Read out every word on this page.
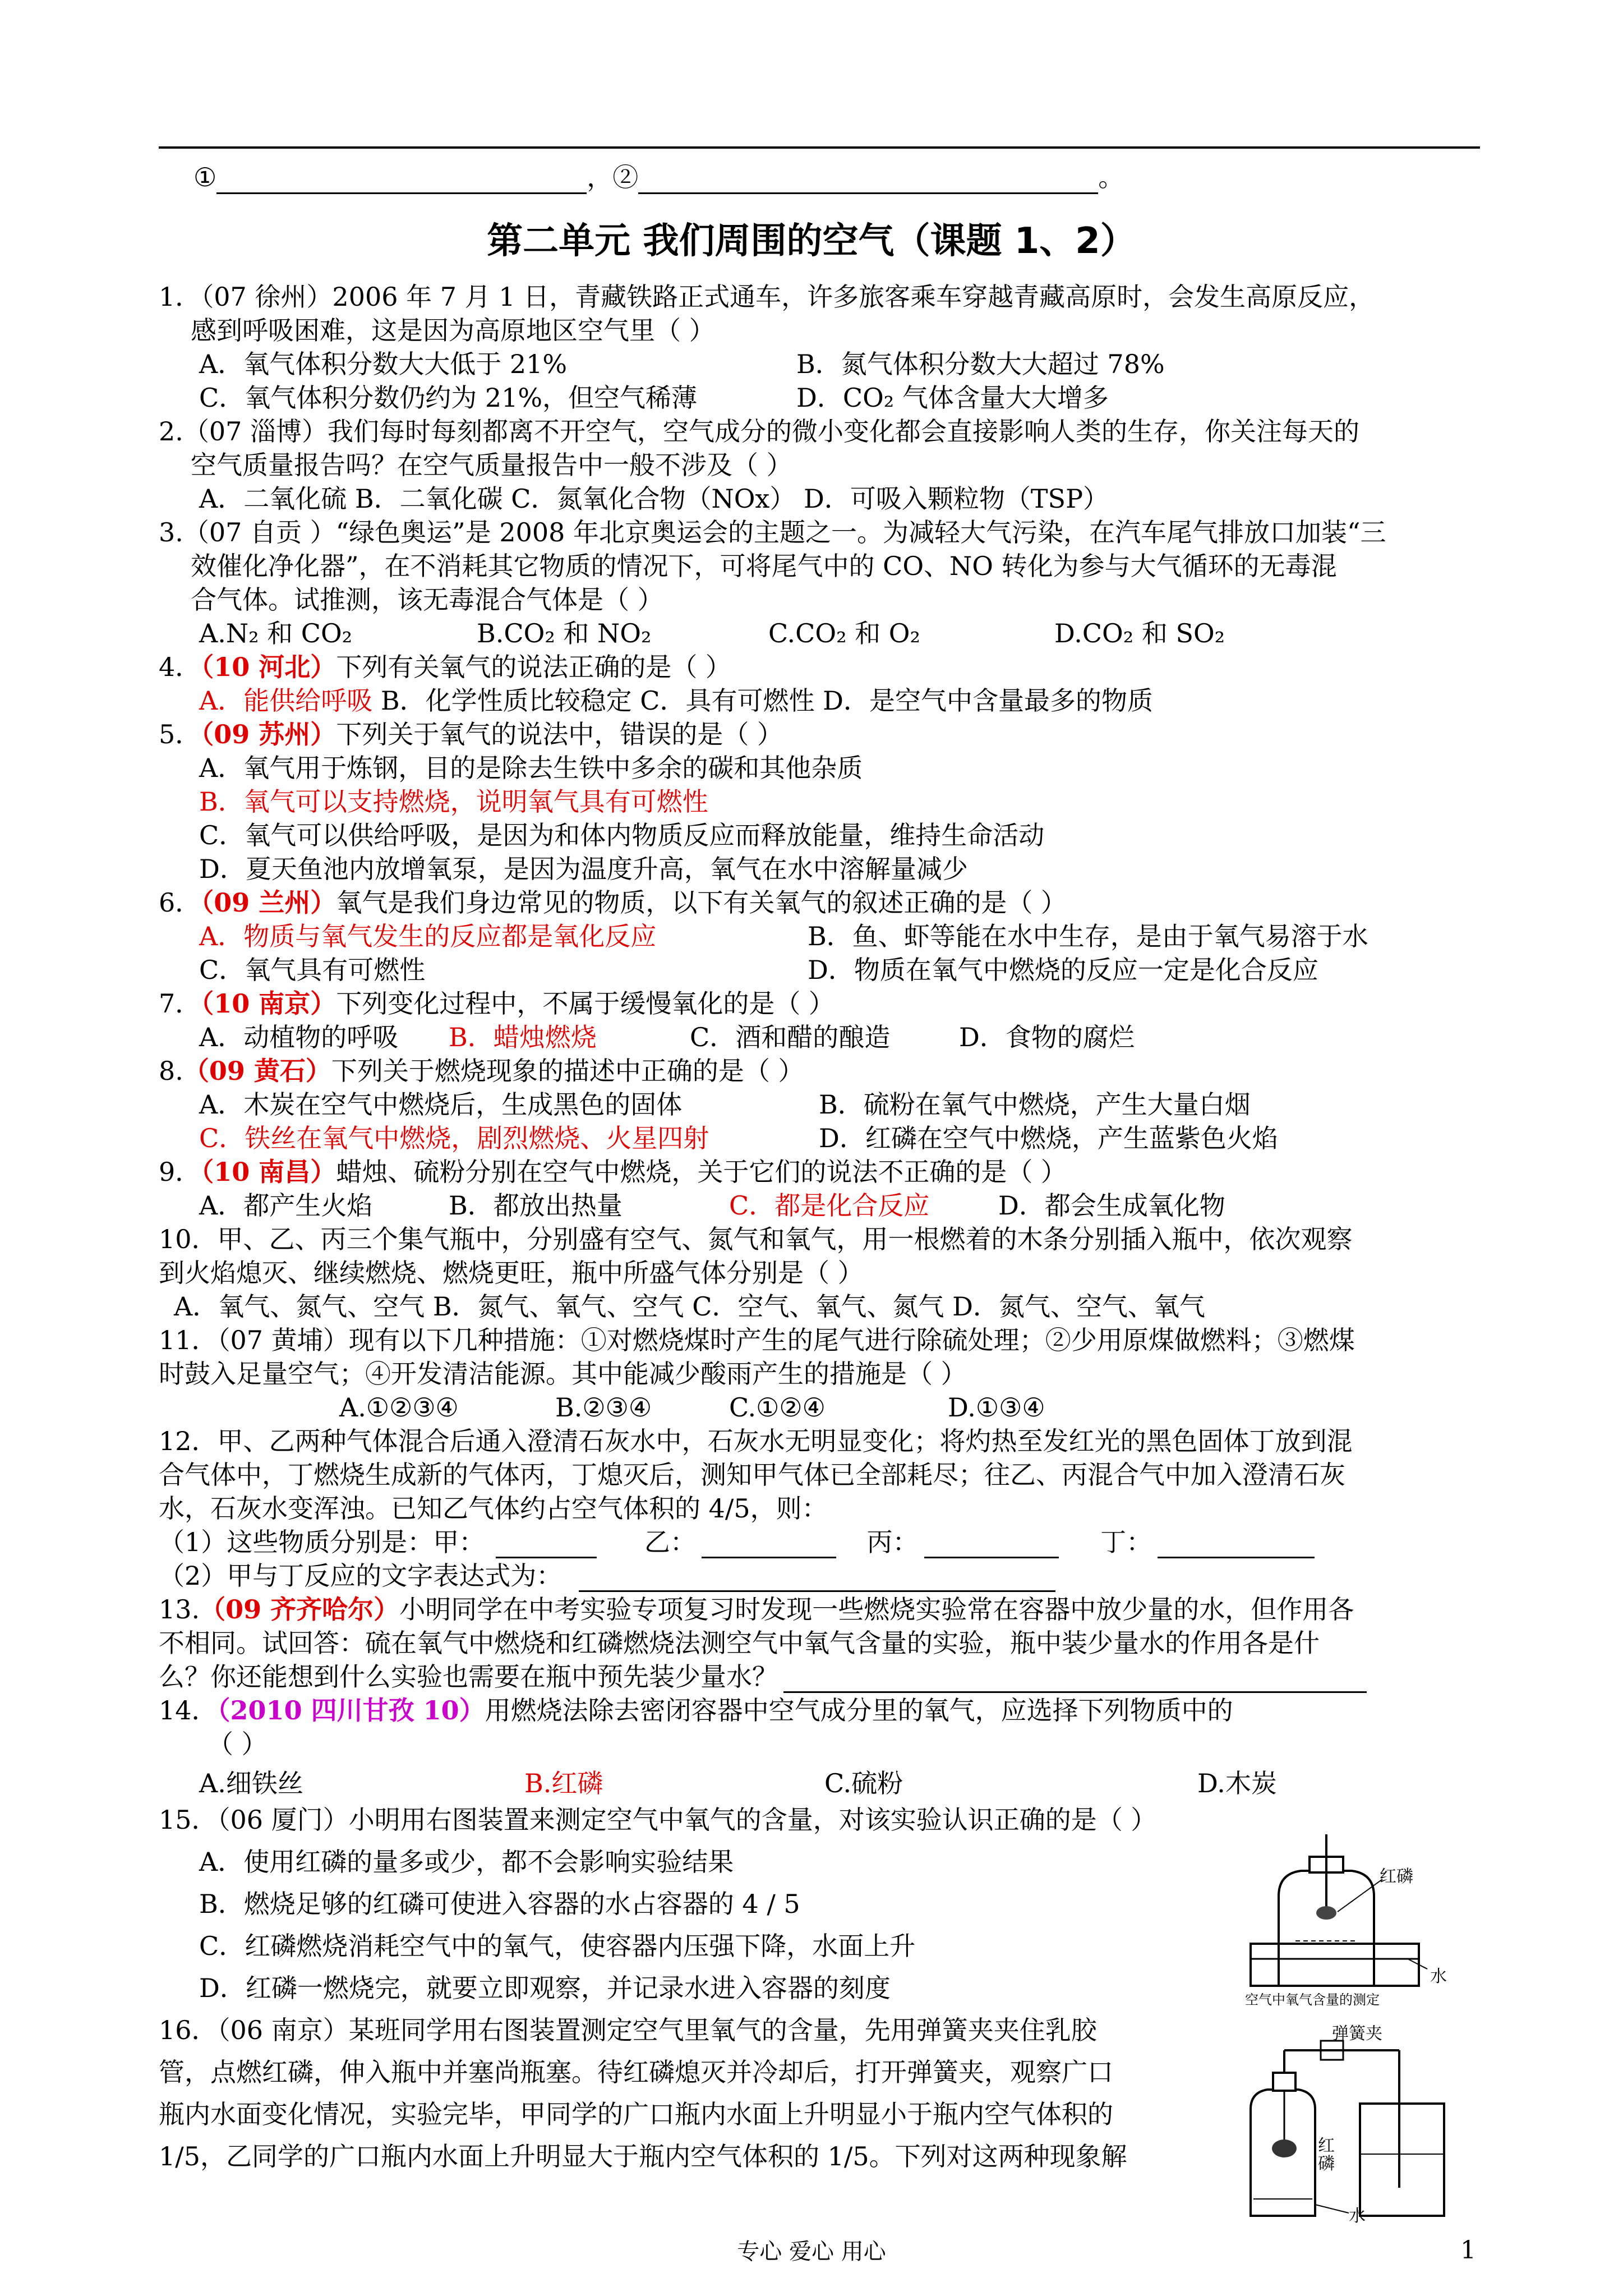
①	，②	。
第二单元 我们周围的空气（课题 1、2）
1．（07 徐州）2006 年 7 月 1 日，青藏铁路正式通车，许多旅客乘车穿越青藏高原时，会发生高原反应，
感到呼吸困难，这是因为高原地区空气里（ ）
A．氧气体积分数大大低于 21%	B．氮气体积分数大大超过 78%
C．氧气体积分数仍约为 21%，但空气稀薄	D．CO₂ 气体含量大大增多
2.（07 淄博）我们每时每刻都离不开空气，空气成分的微小变化都会直接影响人类的生存，你关注每天的
空气质量报告吗？在空气质量报告中一般不涉及（ ）
A．二氧化硫 B．二氧化碳 C．氮氧化合物（NOx） D．可吸入颗粒物（TSP）
3.（07 自贡 ）“绿色奥运”是 2008 年北京奥运会的主题之一。为减轻大气污染，在汽车尾气排放口加装“三
效催化净化器”，在不消耗其它物质的情况下，可将尾气中的 CO、NO 转化为参与大气循环的无毒混
合气体。试推测，该无毒混合气体是（ ）
A.N₂ 和 CO₂	B.CO₂ 和 NO₂	C.CO₂ 和 O₂	D.CO₂ 和 SO₂
4．（10 河北）下列有关氧气的说法正确的是（ ）
A．能供给呼吸 B．化学性质比较稳定 C．具有可燃性 D．是空气中含量最多的物质
5．（09 苏州）下列关于氧气的说法中，错误的是（ ）
A．氧气用于炼钢，目的是除去生铁中多余的碳和其他杂质
B．氧气可以支持燃烧，说明氧气具有可燃性
C．氧气可以供给呼吸，是因为和体内物质反应而释放能量，维持生命活动
D．夏天鱼池内放增氧泵，是因为温度升高，氧气在水中溶解量减少
6．（09 兰州）氧气是我们身边常见的物质，以下有关氧气的叙述正确的是（ ）
A．物质与氧气发生的反应都是氧化反应	B．鱼、虾等能在水中生存，是由于氧气易溶于水
C．氧气具有可燃性	D．物质在氧气中燃烧的反应一定是化合反应
7．（10 南京）下列变化过程中，不属于缓慢氧化的是（ ）
A．动植物的呼吸 B．蜡烛燃烧	C．酒和醋的酿造	D．食物的腐烂
8.（09 黄石）下列关于燃烧现象的描述中正确的是（ ）
A．木炭在空气中燃烧后，生成黑色的固体	B．硫粉在氧气中燃烧，产生大量白烟
C．铁丝在氧气中燃烧，剧烈燃烧、火星四射	D．红磷在空气中燃烧，产生蓝紫色火焰
9．（10 南昌）蜡烛、硫粉分别在空气中燃烧，关于它们的说法不正确的是（ ）
A．都产生火焰	B．都放出热量	C．都是化合反应	D．都会生成氧化物
10．甲、乙、丙三个集气瓶中，分别盛有空气、氮气和氧气，用一根燃着的木条分别插入瓶中，依次观察
到火焰熄灭、继续燃烧、燃烧更旺，瓶中所盛气体分别是（ ）
A．氧气、氮气、空气 B．氮气、氧气、空气 C．空气、氧气、氮气 D．氮气、空气、氧气
11．（07 黄埔）现有以下几种措施：①对燃烧煤时产生的尾气进行除硫处理；②少用原煤做燃料；③燃煤
时鼓入足量空气；④开发清洁能源。其中能减少酸雨产生的措施是（ ）
A.①②③④	B.②③④	C.①②④	D.①③④
12．甲、乙两种气体混合后通入澄清石灰水中，石灰水无明显变化；将灼热至发红光的黑色固体丁放到混
合气体中，丁燃烧生成新的气体丙，丁熄灭后，测知甲气体已全部耗尽；往乙、丙混合气中加入澄清石灰
水，石灰水变浑浊。已知乙气体约占空气体积的 4/5，则：
（1）这些物质分别是：甲：	乙：	丙：	丁：
（2）甲与丁反应的文字表达式为：
13.（09 齐齐哈尔）小明同学在中考实验专项复习时发现一些燃烧实验常在容器中放少量的水，但作用各
不相同。试回答：硫在氧气中燃烧和红磷燃烧法测空气中氧气含量的实验，瓶中装少量水的作用各是什
么？你还能想到什么实验也需要在瓶中预先装少量水？
14．（2010 四川甘孜 10）用燃烧法除去密闭容器中空气成分里的氧气，应选择下列物质中的
（ ）
A.细铁丝	B.红磷	C.硫粉	D.木炭
15．（06 厦门）小明用右图装置来测定空气中氧气的含量，对该实验认识正确的是（ ）
A．使用红磷的量多或少，都不会影响实验结果
B．燃烧足够的红磷可使进入容器的水占容器的 4 / 5
C．红磷燃烧消耗空气中的氧气，使容器内压强下降，水面上升
D．红磷一燃烧完，就要立即观察，并记录水进入容器的刻度
16．（06 南京）某班同学用右图装置测定空气里氧气的含量，先用弹簧夹夹住乳胶
管，点燃红磷，伸入瓶中并塞尚瓶塞。待红磷熄灭并冷却后，打开弹簧夹，观察广口
瓶内水面变化情况，实验完毕，甲同学的广口瓶内水面上升明显小于瓶内空气体积的
1/5，乙同学的广口瓶内水面上升明显大于瓶内空气体积的 1/5。下列对这两种现象解
红磷
水
空气中氧气含量的测定
弹簧夹
红磷
水
专心 爱心 用心	1
